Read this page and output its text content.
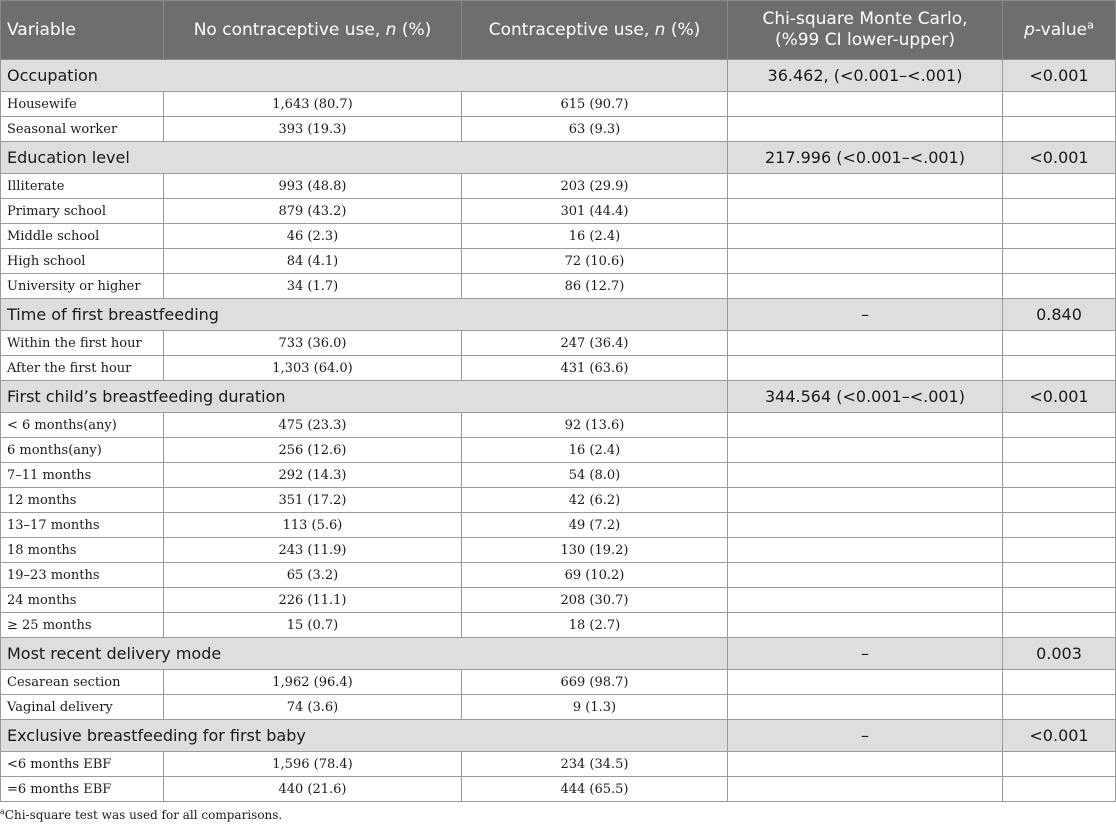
Variable	No contraceptive use, n (%)	Contraceptive use, n (%)	Chi-square Monte Carlo,
(%99 CI lower-upper)	p-value$^a$
Occupation			36.462, (<0.001–<.001)	<0.001
Housewife	1,643 (80.7)	615 (90.7)		
Seasonal worker	393 (19.3)	63 (9.3)		
Education level			217.996 (<0.001–<.001)	<0.001
Illiterate	993 (48.8)	203 (29.9)		
Primary school	879 (43.2)	301 (44.4)		
Middle school	46 (2.3)	16 (2.4)		
High school	84 (4.1)	72 (10.6)		
University or higher	34 (1.7)	86 (12.7)		
Time of first breastfeeding			–	0.840
Within the first hour	733 (36.0)	247 (36.4)		
After the first hour	1,303 (64.0)	431 (63.6)		
First child’s breastfeeding duration			344.564 (<0.001–<.001)	<0.001
< 6 months(any)	475 (23.3)	92 (13.6)		
6 months(any)	256 (12.6)	16 (2.4)		
7–11 months	292 (14.3)	54 (8.0)		
12 months	351 (17.2)	42 (6.2)		
13–17 months	113 (5.6)	49 (7.2)		
18 months	243 (11.9)	130 (19.2)		
19–23 months	65 (3.2)	69 (10.2)		
24 months	226 (11.1)	208 (30.7)		
≥ 25 months	15 (0.7)	18 (2.7)		
Most recent delivery mode			–	0.003
Cesarean section	1,962 (96.4)	669 (98.7)		
Vaginal delivery	74 (3.6)	9 (1.3)		
Exclusive breastfeeding for first baby			–	<0.001
<6 months EBF	1,596 (78.4)	234 (34.5)		
=6 months EBF	440 (21.6)	444 (65.5)		
$^a$Chi-square test was used for all comparisons.
